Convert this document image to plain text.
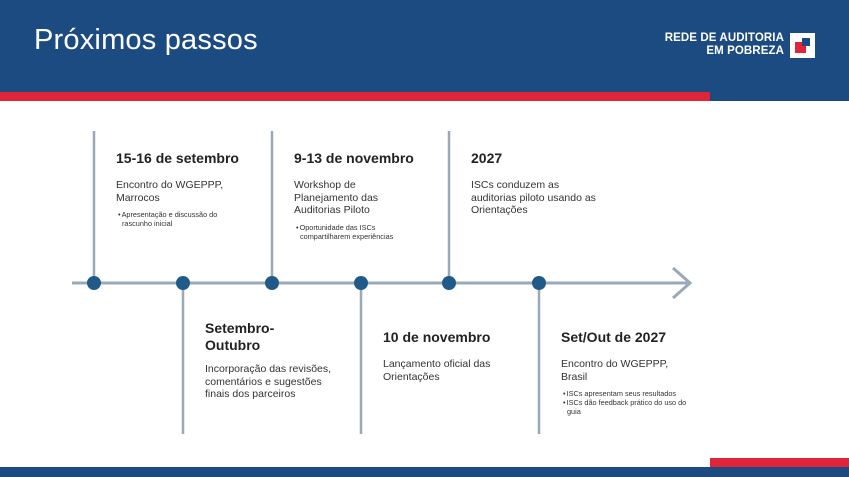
Próximos passos	REDE DE AUDITORIA
EM POBREZA
15-16 de setembro
Encontro do WGEPPP, Marrocos
• Apresentação e discussão do rascunho inicial
9-13 de novembro
Workshop de Planejamento das Auditorias Piloto
• Oportunidade das ISCs compartilharem experiências
2027
ISCs conduzem as auditorias piloto usando as Orientações
Setembro-Outubro
Incorporação das revisões, comentários e sugestões finais dos parceiros
10 de novembro
Lançamento oficial das Orientações
Set/Out de 2027
Encontro do WGEPPP, Brasil
• ISCs apresentam seus resultados
• ISCs dão feedback prático do uso do guia
